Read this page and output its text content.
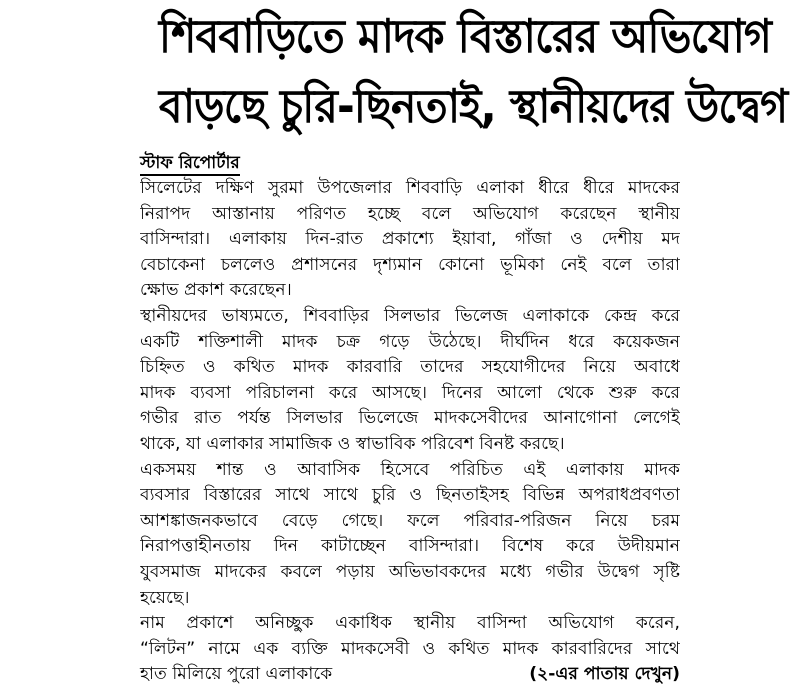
শিববাড়িতে মাদক বিস্তারের অভিযোগ
বাড়ছে চুরি-ছিনতাই, স্থানীয়দের উদ্বেগ
স্টাফ রিপোর্টার
সিলেটের দক্ষিণ সুরমা উপজেলার শিববাড়ি এলাকা ধীরে ধীরে মাদকের
নিরাপদ আস্তানায় পরিণত হচ্ছে বলে অভিযোগ করেছেন স্থানীয়
বাসিন্দারা। এলাকায় দিন-রাত প্রকাশ্যে ইয়াবা, গাঁজা ও দেশীয় মদ
বেচাকেনা চললেও প্রশাসনের দৃশ্যমান কোনো ভূমিকা নেই বলে তারা
ক্ষোভ প্রকাশ করেছেন।
স্থানীয়দের ভাষ্যমতে, শিববাড়ির সিলভার ভিলেজ এলাকাকে কেন্দ্র করে
একটি শক্তিশালী মাদক চক্র গড়ে উঠেছে। দীর্ঘদিন ধরে কয়েকজন
চিহ্নিত ও কথিত মাদক কারবারি তাদের সহযোগীদের নিয়ে অবাধে
মাদক ব্যবসা পরিচালনা করে আসছে। দিনের আলো থেকে শুরু করে
গভীর রাত পর্যন্ত সিলভার ভিলেজে মাদকসেবীদের আনাগোনা লেগেই
থাকে, যা এলাকার সামাজিক ও স্বাভাবিক পরিবেশ বিনষ্ট করছে।
একসময় শান্ত ও আবাসিক হিসেবে পরিচিত এই এলাকায় মাদক
ব্যবসার বিস্তারের সাথে সাথে চুরি ও ছিনতাইসহ বিভিন্ন অপরাধপ্রবণতা
আশঙ্কাজনকভাবে বেড়ে গেছে। ফলে পরিবার-পরিজন নিয়ে চরম
নিরাপত্তাহীনতায় দিন কাটাচ্ছেন বাসিন্দারা। বিশেষ করে উদীয়মান
যুবসমাজ মাদকের কবলে পড়ায় অভিভাবকদের মধ্যে গভীর উদ্বেগ সৃষ্টি
হয়েছে।
নাম প্রকাশে অনিচ্ছুক একাধিক স্থানীয় বাসিন্দা অভিযোগ করেন,
“লিটন” নামে এক ব্যক্তি মাদকসেবী ও কথিত মাদক কারবারিদের সাথে
হাত মিলিয়ে পুরো এলাকাকে	(২-এর পাতায় দেখুন)
